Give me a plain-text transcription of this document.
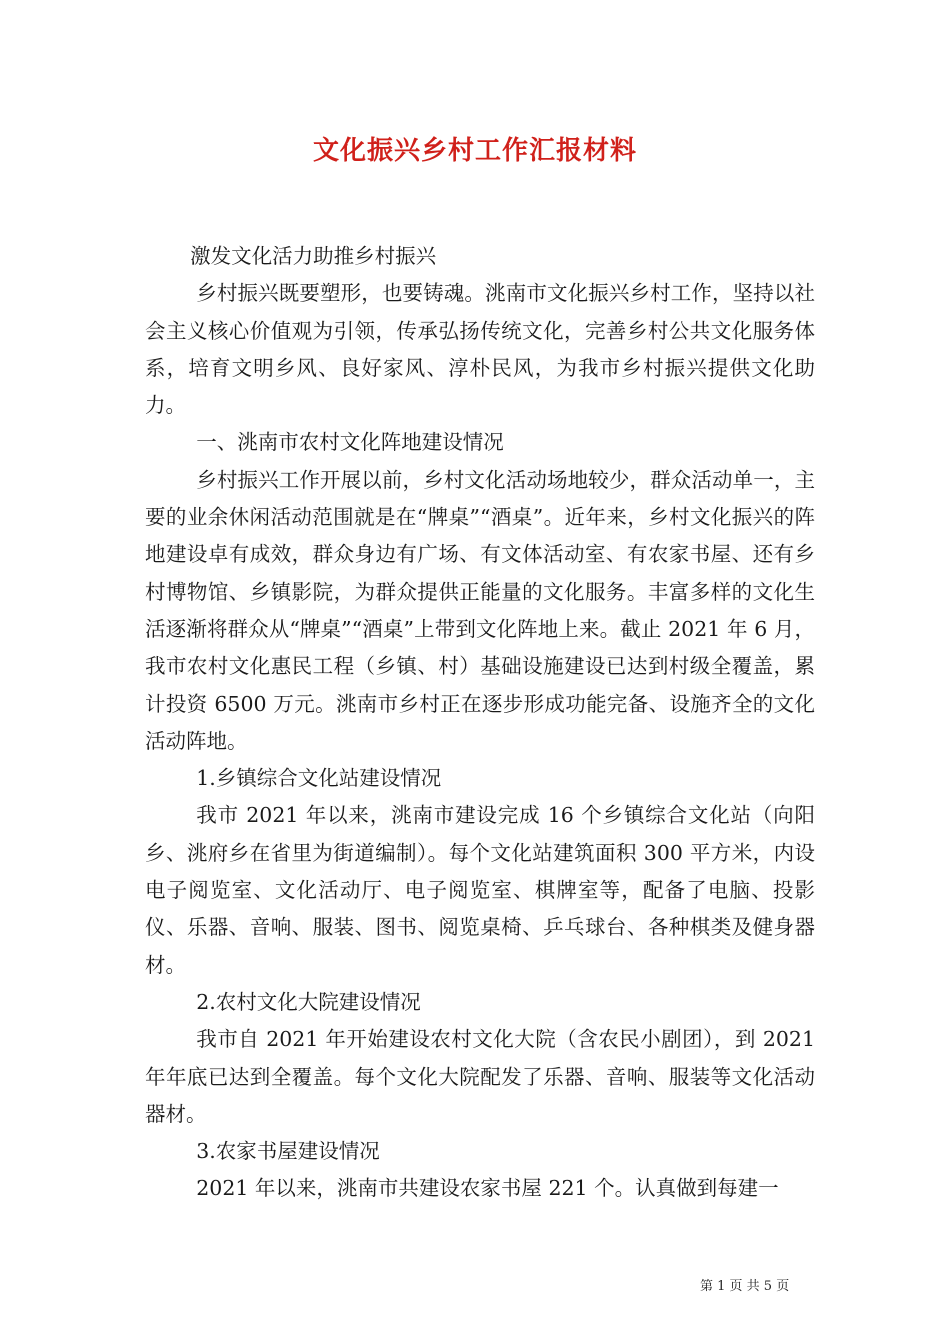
文化振兴乡村工作汇报材料

激发文化活力助推乡村振兴

乡村振兴既要塑形，也要铸魂。洮南市文化振兴乡村工作，坚持以社会主义核心价值观为引领，传承弘扬传统文化，完善乡村公共文化服务体系，培育文明乡风、良好家风、淳朴民风，为我市乡村振兴提供文化助力。

一、洮南市农村文化阵地建设情况

乡村振兴工作开展以前，乡村文化活动场地较少，群众活动单一，主要的业余休闲活动范围就是在“牌桌”“酒桌”。近年来，乡村文化振兴的阵地建设卓有成效，群众身边有广场、有文体活动室、有农家书屋、还有乡村博物馆、乡镇影院，为群众提供正能量的文化服务。丰富多样的文化生活逐渐将群众从“牌桌”“酒桌”上带到文化阵地上来。截止 2021 年 6 月，我市农村文化惠民工程（乡镇、村）基础设施建设已达到村级全覆盖，累计投资 6500 万元。洮南市乡村正在逐步形成功能完备、设施齐全的文化活动阵地。

1.乡镇综合文化站建设情况

我市 2021 年以来，洮南市建设完成 16 个乡镇综合文化站（向阳乡、洮府乡在省里为街道编制）。每个文化站建筑面积 300 平方米，内设电子阅览室、文化活动厅、电子阅览室、棋牌室等，配备了电脑、投影仪、乐器、音响、服装、图书、阅览桌椅、乒乓球台、各种棋类及健身器材。

2.农村文化大院建设情况

我市自 2021 年开始建设农村文化大院（含农民小剧团），到 2021 年年底已达到全覆盖。每个文化大院配发了乐器、音响、服装等文化活动器材。

3.农家书屋建设情况

2021 年以来，洮南市共建设农家书屋 221 个。认真做到每建一

第 1 页 共 5 页
